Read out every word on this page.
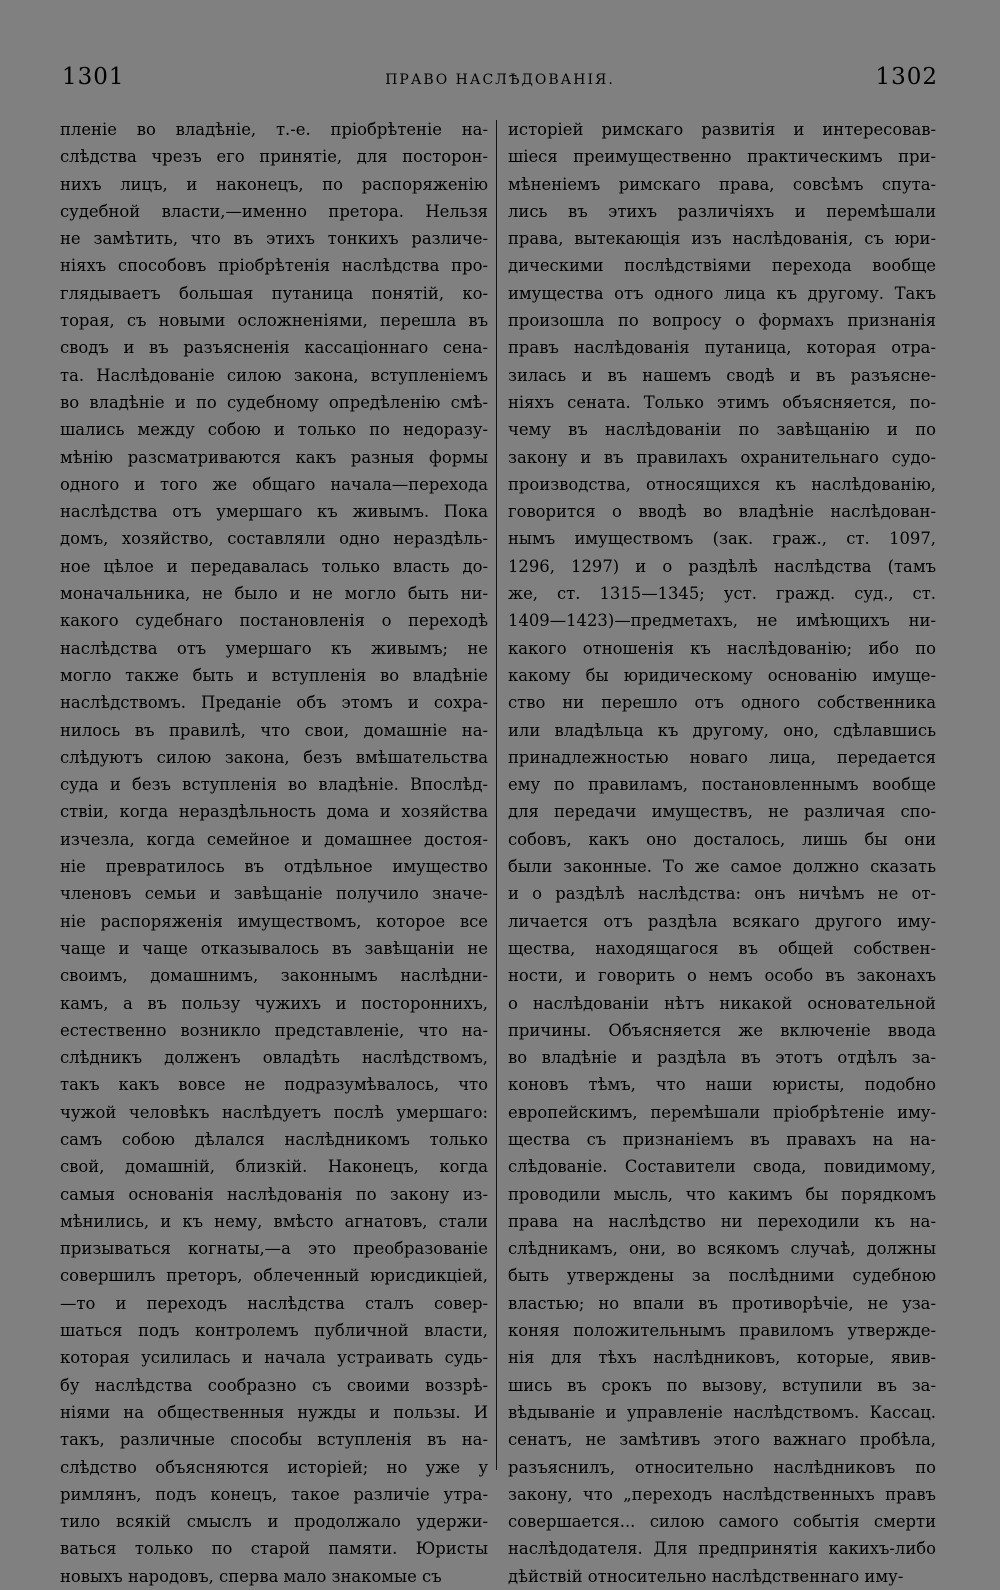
1301	ПРАВО НАСЛѢДОВАНІЯ.	1302
пленіе во владѣніе, т.-е. пріобрѣтеніе на-
слѣдства чрезъ его принятіе, для посторон-
нихъ лицъ, и наконецъ, по распоряженію
судебной власти,—именно претора. Нельзя
не замѣтить, что въ этихъ тонкихъ различе-
ніяхъ способовъ пріобрѣтенія наслѣдства про-
глядываетъ большая путаница понятій, ко-
торая, съ новыми осложненіями, перешла въ
сводъ и въ разъясненія кассаціоннаго сена-
та. Наслѣдованіе силою закона, вступленіемъ
во владѣніе и по судебному опредѣленію смѣ-
шались между собою и только по недоразу-
мѣнію разсматриваются какъ разныя формы
одного и того же общаго начала—перехода
наслѣдства отъ умершаго къ живымъ. Пока
домъ, хозяйство, составляли одно нераздѣль-
ное цѣлое и передавалась только власть до-
моначальника, не было и не могло быть ни-
какого судебнаго постановленія о переходѣ
наслѣдства отъ умершаго къ живымъ; не
могло также быть и вступленія во владѣніе
наслѣдствомъ. Преданіе объ этомъ и сохра-
нилось въ правилѣ, что свои, домашніе на-
слѣдуютъ силою закона, безъ вмѣшательства
суда и безъ вступленія во владѣніе. Впослѣд-
ствіи, когда нераздѣльность дома и хозяйства
изчезла, когда семейное и домашнее достоя-
ніе превратилось въ отдѣльное имущество
членовъ семьи и завѣщаніе получило значе-
ніе распоряженія имуществомъ, которое все
чаще и чаще отказывалось въ завѣщаніи не
своимъ, домашнимъ, законнымъ наслѣдни-
камъ, а въ пользу чужихъ и постороннихъ,
естественно возникло представленіе, что на-
слѣдникъ долженъ овладѣть наслѣдствомъ,
такъ какъ вовсе не подразумѣвалось, что
чужой человѣкъ наслѣдуетъ послѣ умершаго:
самъ собою дѣлался наслѣдникомъ только
свой, домашній, близкій. Наконецъ, когда
самыя основанія наслѣдованія по закону из-
мѣнились, и къ нему, вмѣсто агнатовъ, стали
призываться когнаты,—а это преобразованіе
совершилъ преторъ, облеченный юрисдикціей,
—то и переходъ наслѣдства сталъ совер-
шаться подъ контролемъ публичной власти,
которая усилилась и начала устраивать судь-
бу наслѣдства сообразно съ своими воззрѣ-
ніями на общественныя нужды и пользы. И
такъ, различные способы вступленія въ на-
слѣдство объясняются исторіей; но уже у
римлянъ, подъ конецъ, такое различіе утра-
тило всякій смыслъ и продолжало удержи-
ваться только по старой памяти. Юристы
новыхъ народовъ, сперва мало знакомые съ
исторіей римскаго развитія и интересовав-
шіеся преимущественно практическимъ при-
мѣненіемъ римскаго права, совсѣмъ спута-
лись въ этихъ различіяхъ и перемѣшали
права, вытекающія изъ наслѣдованія, съ юри-
дическими послѣдствіями перехода вообще
имущества отъ одного лица къ другому. Такъ
произошла по вопросу о формахъ признанія
правъ наслѣдованія путаница, которая отра-
зилась и въ нашемъ сводѣ и въ разъясне-
ніяхъ сената. Только этимъ объясняется, по-
чему въ наслѣдованіи по завѣщанію и по
закону и въ правилахъ охранительнаго судо-
производства, относящихся къ наслѣдованію,
говорится о вводѣ во владѣніе наслѣдован-
нымъ имуществомъ (зак. граж., ст. 1097,
1296, 1297) и о раздѣлѣ наслѣдства (тамъ
же, ст. 1315—1345; уст. гражд. суд., ст.
1409—1423)—предметахъ, не имѣющихъ ни-
какого отношенія къ наслѣдованію; ибо по
какому бы юридическому основанію имуще-
ство ни перешло отъ одного собственника
или владѣльца къ другому, оно, сдѣлавшись
принадлежностью новаго лица, передается
ему по правиламъ, постановленнымъ вообще
для передачи имуществъ, не различая спо-
собовъ, какъ оно досталось, лишь бы они
были законные. То же самое должно сказать
и о раздѣлѣ наслѣдства: онъ ничѣмъ не от-
личается отъ раздѣла всякаго другого иму-
щества, находящагося въ общей собствен-
ности, и говорить о немъ особо въ законахъ
о наслѣдованіи нѣтъ никакой основательной
причины. Объясняется же включеніе ввода
во владѣніе и раздѣла въ этотъ отдѣлъ за-
коновъ тѣмъ, что наши юристы, подобно
европейскимъ, перемѣшали пріобрѣтеніе иму-
щества съ признаніемъ въ правахъ на на-
слѣдованіе. Составители свода, повидимому,
проводили мысль, что какимъ бы порядкомъ
права на наслѣдство ни переходили къ на-
слѣдникамъ, они, во всякомъ случаѣ, должны
быть утверждены за послѣдними судебною
властью; но впали въ противорѣчіе, не уза-
коняя положительнымъ правиломъ утвержде-
нія для тѣхъ наслѣдниковъ, которые, явив-
шись въ срокъ по вызову, вступили въ за-
вѣдываніе и управленіе наслѣдствомъ. Кассац.
сенатъ, не замѣтивъ этого важнаго пробѣла,
разъяснилъ, относительно наслѣдниковъ по
закону, что „переходъ наслѣдственныхъ правъ
совершается... силою самого событія смерти
наслѣдодателя. Для предпринятія какихъ-либо
дѣйствій относительно наслѣдственнаго иму-
